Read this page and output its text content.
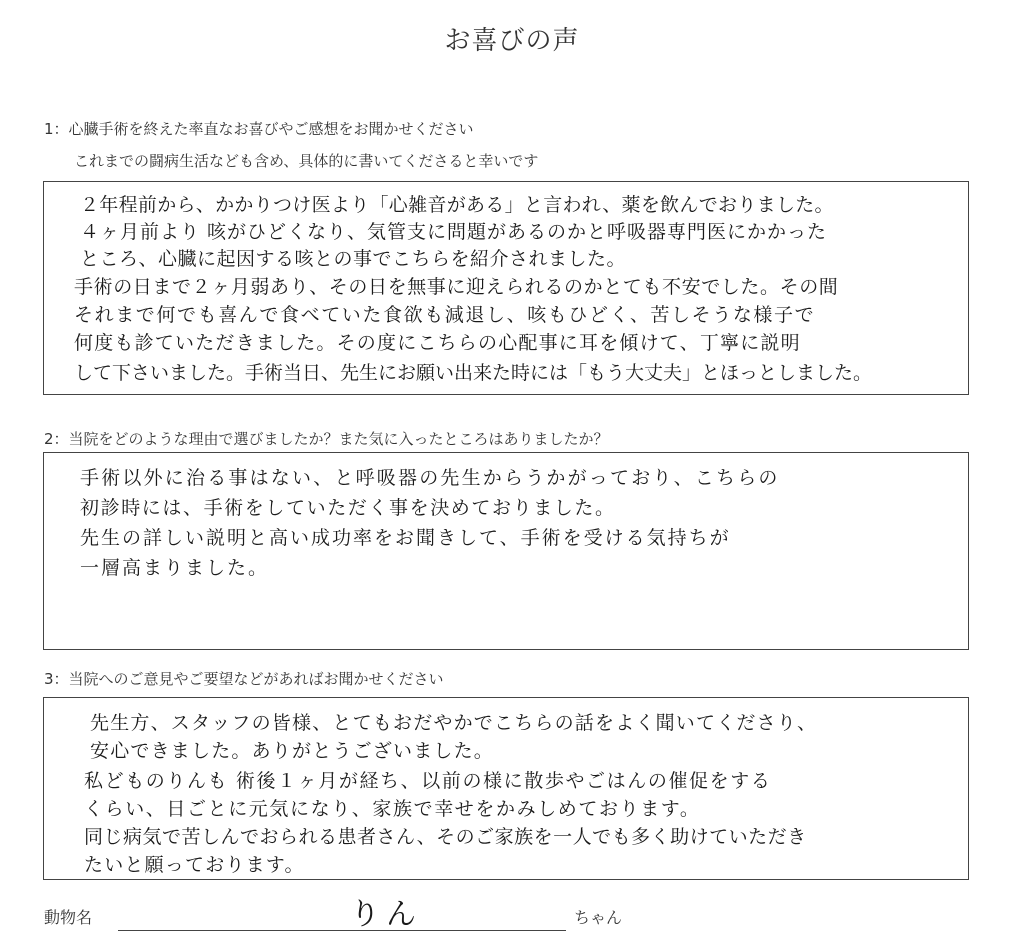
お喜びの声
1：心臓手術を終えた率直なお喜びやご感想をお聞かせください
これまでの闘病生活なども含め、具体的に書いてくださると幸いです
２年程前から、かかりつけ医より「心雑音がある」と言われ、薬を飲んでおりました。
４ヶ月前より 咳がひどくなり、気管支に問題があるのかと呼吸器専門医にかかった
ところ、心臓に起因する咳との事でこちらを紹介されました。
手術の日まで２ヶ月弱あり、その日を無事に迎えられるのかとても不安でした。その間
それまで何でも喜んで食べていた食欲も減退し、咳もひどく、苦しそうな様子で
何度も診ていただきました。その度にこちらの心配事に耳を傾けて、丁寧に説明
して下さいました。手術当日、先生にお願い出来た時には「もう大丈夫」とほっとしました。
2：当院をどのような理由で選びましたか？また気に入ったところはありましたか？
手術以外に治る事はない、と呼吸器の先生からうかがっており、こちらの
初診時には、手術をしていただく事を決めておりました。
先生の詳しい説明と高い成功率をお聞きして、手術を受ける気持ちが
一層高まりました。
3：当院へのご意見やご要望などがあればお聞かせください
先生方、スタッフの皆様、とてもおだやかでこちらの話をよく聞いてくださり、
安心できました。ありがとうございました。
私どものりんも 術後１ヶ月が経ち、以前の様に散歩やごはんの催促をする
くらい、日ごとに元気になり、家族で幸せをかみしめております。
同じ病気で苦しんでおられる患者さん、そのご家族を一人でも多く助けていただき
たいと願っております。
動物名	りん	ちゃん
